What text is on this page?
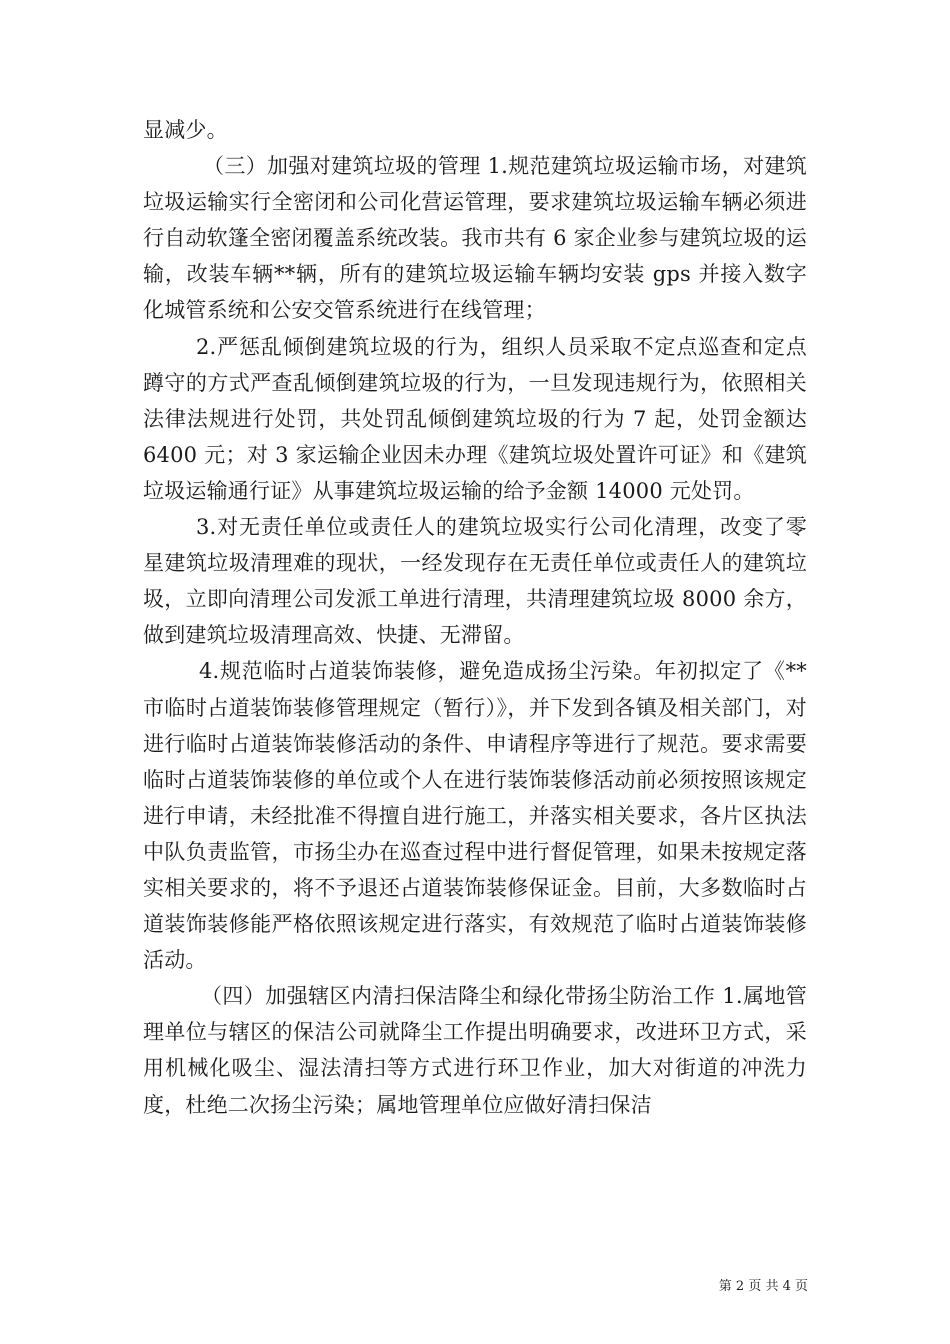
显减少。

（三）加强对建筑垃圾的管理 1.规范建筑垃圾运输市场，对建筑垃圾运输实行全密闭和公司化营运管理，要求建筑垃圾运输车辆必须进行自动软篷全密闭覆盖系统改装。我市共有 6 家企业参与建筑垃圾的运输，改装车辆**辆，所有的建筑垃圾运输车辆均安装 gps 并接入数字化城管系统和公安交管系统进行在线管理；

2.严惩乱倾倒建筑垃圾的行为，组织人员采取不定点巡查和定点蹲守的方式严查乱倾倒建筑垃圾的行为，一旦发现违规行为，依照相关法律法规进行处罚，共处罚乱倾倒建筑垃圾的行为 7 起，处罚金额达 6400 元；对 3 家运输企业因未办理《建筑垃圾处置许可证》和《建筑垃圾运输通行证》从事建筑垃圾运输的给予金额 14000 元处罚。

3.对无责任单位或责任人的建筑垃圾实行公司化清理，改变了零星建筑垃圾清理难的现状，一经发现存在无责任单位或责任人的建筑垃圾，立即向清理公司发派工单进行清理，共清理建筑垃圾 8000 余方，做到建筑垃圾清理高效、快捷、无滞留。

4.规范临时占道装饰装修，避免造成扬尘污染。年初拟定了《**市临时占道装饰装修管理规定（暂行）》，并下发到各镇及相关部门，对进行临时占道装饰装修活动的条件、申请程序等进行了规范。要求需要临时占道装饰装修的单位或个人在进行装饰装修活动前必须按照该规定进行申请，未经批准不得擅自进行施工，并落实相关要求，各片区执法中队负责监管，市扬尘办在巡查过程中进行督促管理，如果未按规定落实相关要求的，将不予退还占道装饰装修保证金。目前，大多数临时占道装饰装修能严格依照该规定进行落实，有效规范了临时占道装饰装修活动。

（四）加强辖区内清扫保洁降尘和绿化带扬尘防治工作 1.属地管理单位与辖区的保洁公司就降尘工作提出明确要求，改进环卫方式，采用机械化吸尘、湿法清扫等方式进行环卫作业，加大对街道的冲洗力度，杜绝二次扬尘污染；属地管理单位应做好清扫保洁

第 2 页 共 4 页
